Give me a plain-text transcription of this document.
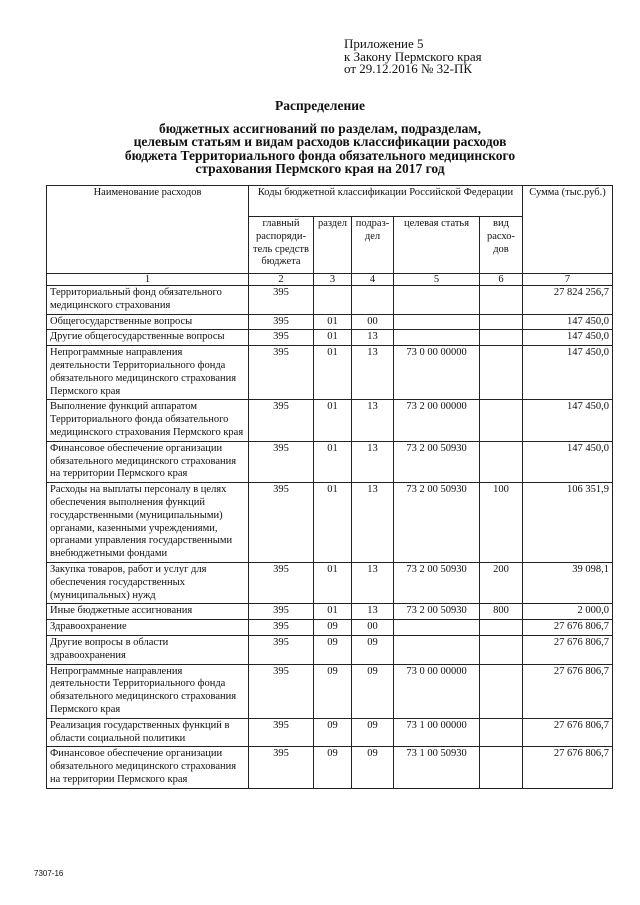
Приложение 5
к Закону Пермского края
от 29.12.2016 № 32-ПК
Распределение
бюджетных ассигнований по разделам, подразделам,
целевым статьям и видам расходов классификации расходов
бюджета Территориального фонда обязательного медицинского
страхования Пермского края на 2017 год
Наименование расходов	Коды бюджетной классификации Российской Федерации					Сумма (тыс.руб.)
	главный распоряди-тель средств бюджета	раздел	подраз-дел	целевая статья	вид расхо-дов	
1	2	3	4	5	6	7
Территориальный фонд обязательного медицинского страхования	395					27 824 256,7
Общегосударственные вопросы	395	01	00			147 450,0
Другие общегосударственные вопросы	395	01	13			147 450,0
Непрограммные направления деятельности Территориального фонда обязательного медицинского страхования Пермского края	395	01	13	73 0 00 00000		147 450,0
Выполнение функций аппаратом Территориального фонда обязательного медицинского страхования Пермского края	395	01	13	73 2 00 00000		147 450,0
Финансовое обеспечение организации обязательного медицинского страхования на территории Пермского края	395	01	13	73 2 00 50930		147 450,0
Расходы на выплаты персоналу в целях обеспечения выполнения функций государственными (муниципальными) органами, казенными учреждениями, органами управления государственными внебюджетными фондами	395	01	13	73 2 00 50930	100	106 351,9
Закупка товаров, работ и услуг для обеспечения государственных (муниципальных) нужд	395	01	13	73 2 00 50930	200	39 098,1
Иные бюджетные ассигнования	395	01	13	73 2 00 50930	800	2 000,0
Здравоохранение	395	09	00			27 676 806,7
Другие вопросы в области здравоохранения	395	09	09			27 676 806,7
Непрограммные направления деятельности Территориального фонда обязательного медицинского страхования Пермского края	395	09	09	73 0 00 00000		27 676 806,7
Реализация государственных функций в области социальной политики	395	09	09	73 1 00 00000		27 676 806,7
Финансовое обеспечение организации обязательного медицинского страхования на территории Пермского края	395	09	09	73 1 00 50930		27 676 806,7
7307-16
